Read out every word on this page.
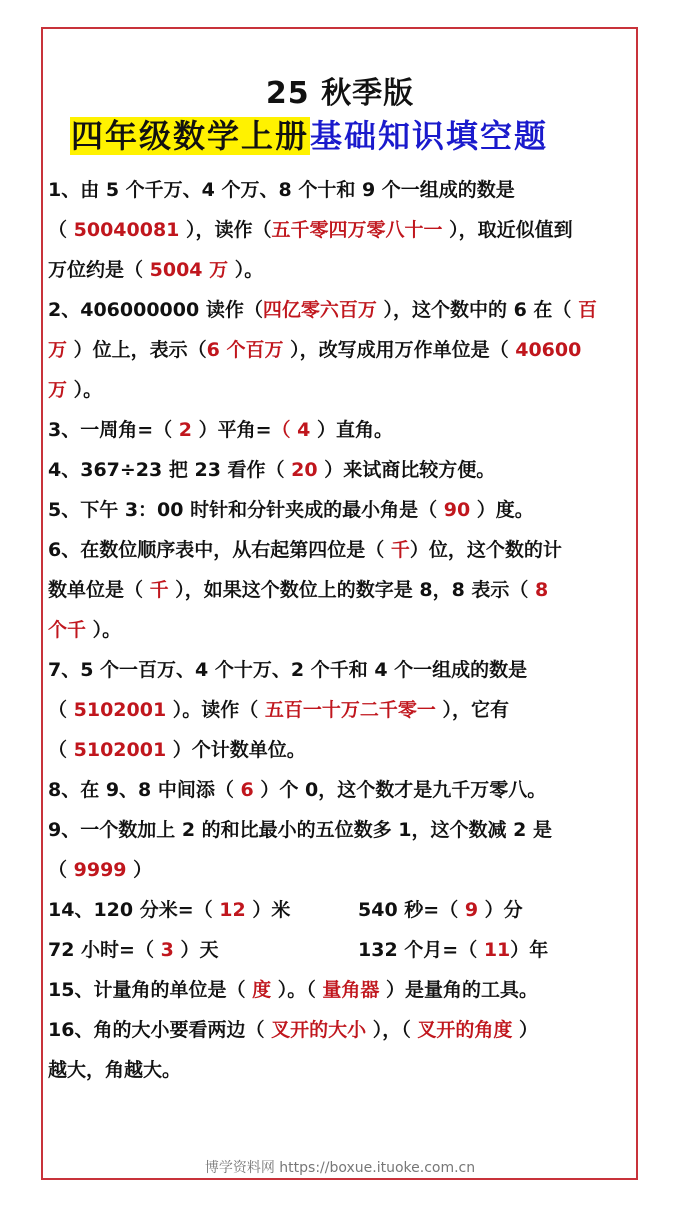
25 秋季版
四年级数学上册基础知识填空题
1、由 5 个千万、4 个万、8 个十和 9 个一组成的数是
（ 50040081 ），读作（五千零四万零八十一 ），取近似值到
万位约是（ 5004 万 ）。
2、406000000 读作（四亿零六百万 ），这个数中的 6 在（ 百
万 ）位上，表示（6 个百万 ），改写成用万作单位是（ 40600
万 ）。
3、一周角=（ 2 ）平角=（ 4 ）直角。
4、367÷23 把 23 看作（ 20 ）来试商比较方便。
5、下午 3：00 时针和分针夹成的最小角是（ 90 ）度。
6、在数位顺序表中，从右起第四位是（ 千）位，这个数的计
数单位是（ 千 ），如果这个数位上的数字是 8，8 表示（ 8
个千 ）。
7、5 个一百万、4 个十万、2 个千和 4 个一组成的数是
（ 5102001 ）。读作（ 五百一十万二千零一 ），它有
（ 5102001 ）个计数单位。
8、在 9、8 中间添（ 6 ）个 0，这个数才是九千万零八。
9、一个数加上 2 的和比最小的五位数多 1，这个数减 2 是
（ 9999 ）
14、120 分米=（ 12 ）米	540 秒=（ 9 ）分
72 小时=（ 3 ）天	132 个月=（ 11）年
15、计量角的单位是（ 度 ）。（ 量角器 ）是量角的工具。
16、角的大小要看两边（ 叉开的大小 ），（ 叉开的角度 ）
越大，角越大。
博学资料网 https://boxue.ituoke.com.cn
